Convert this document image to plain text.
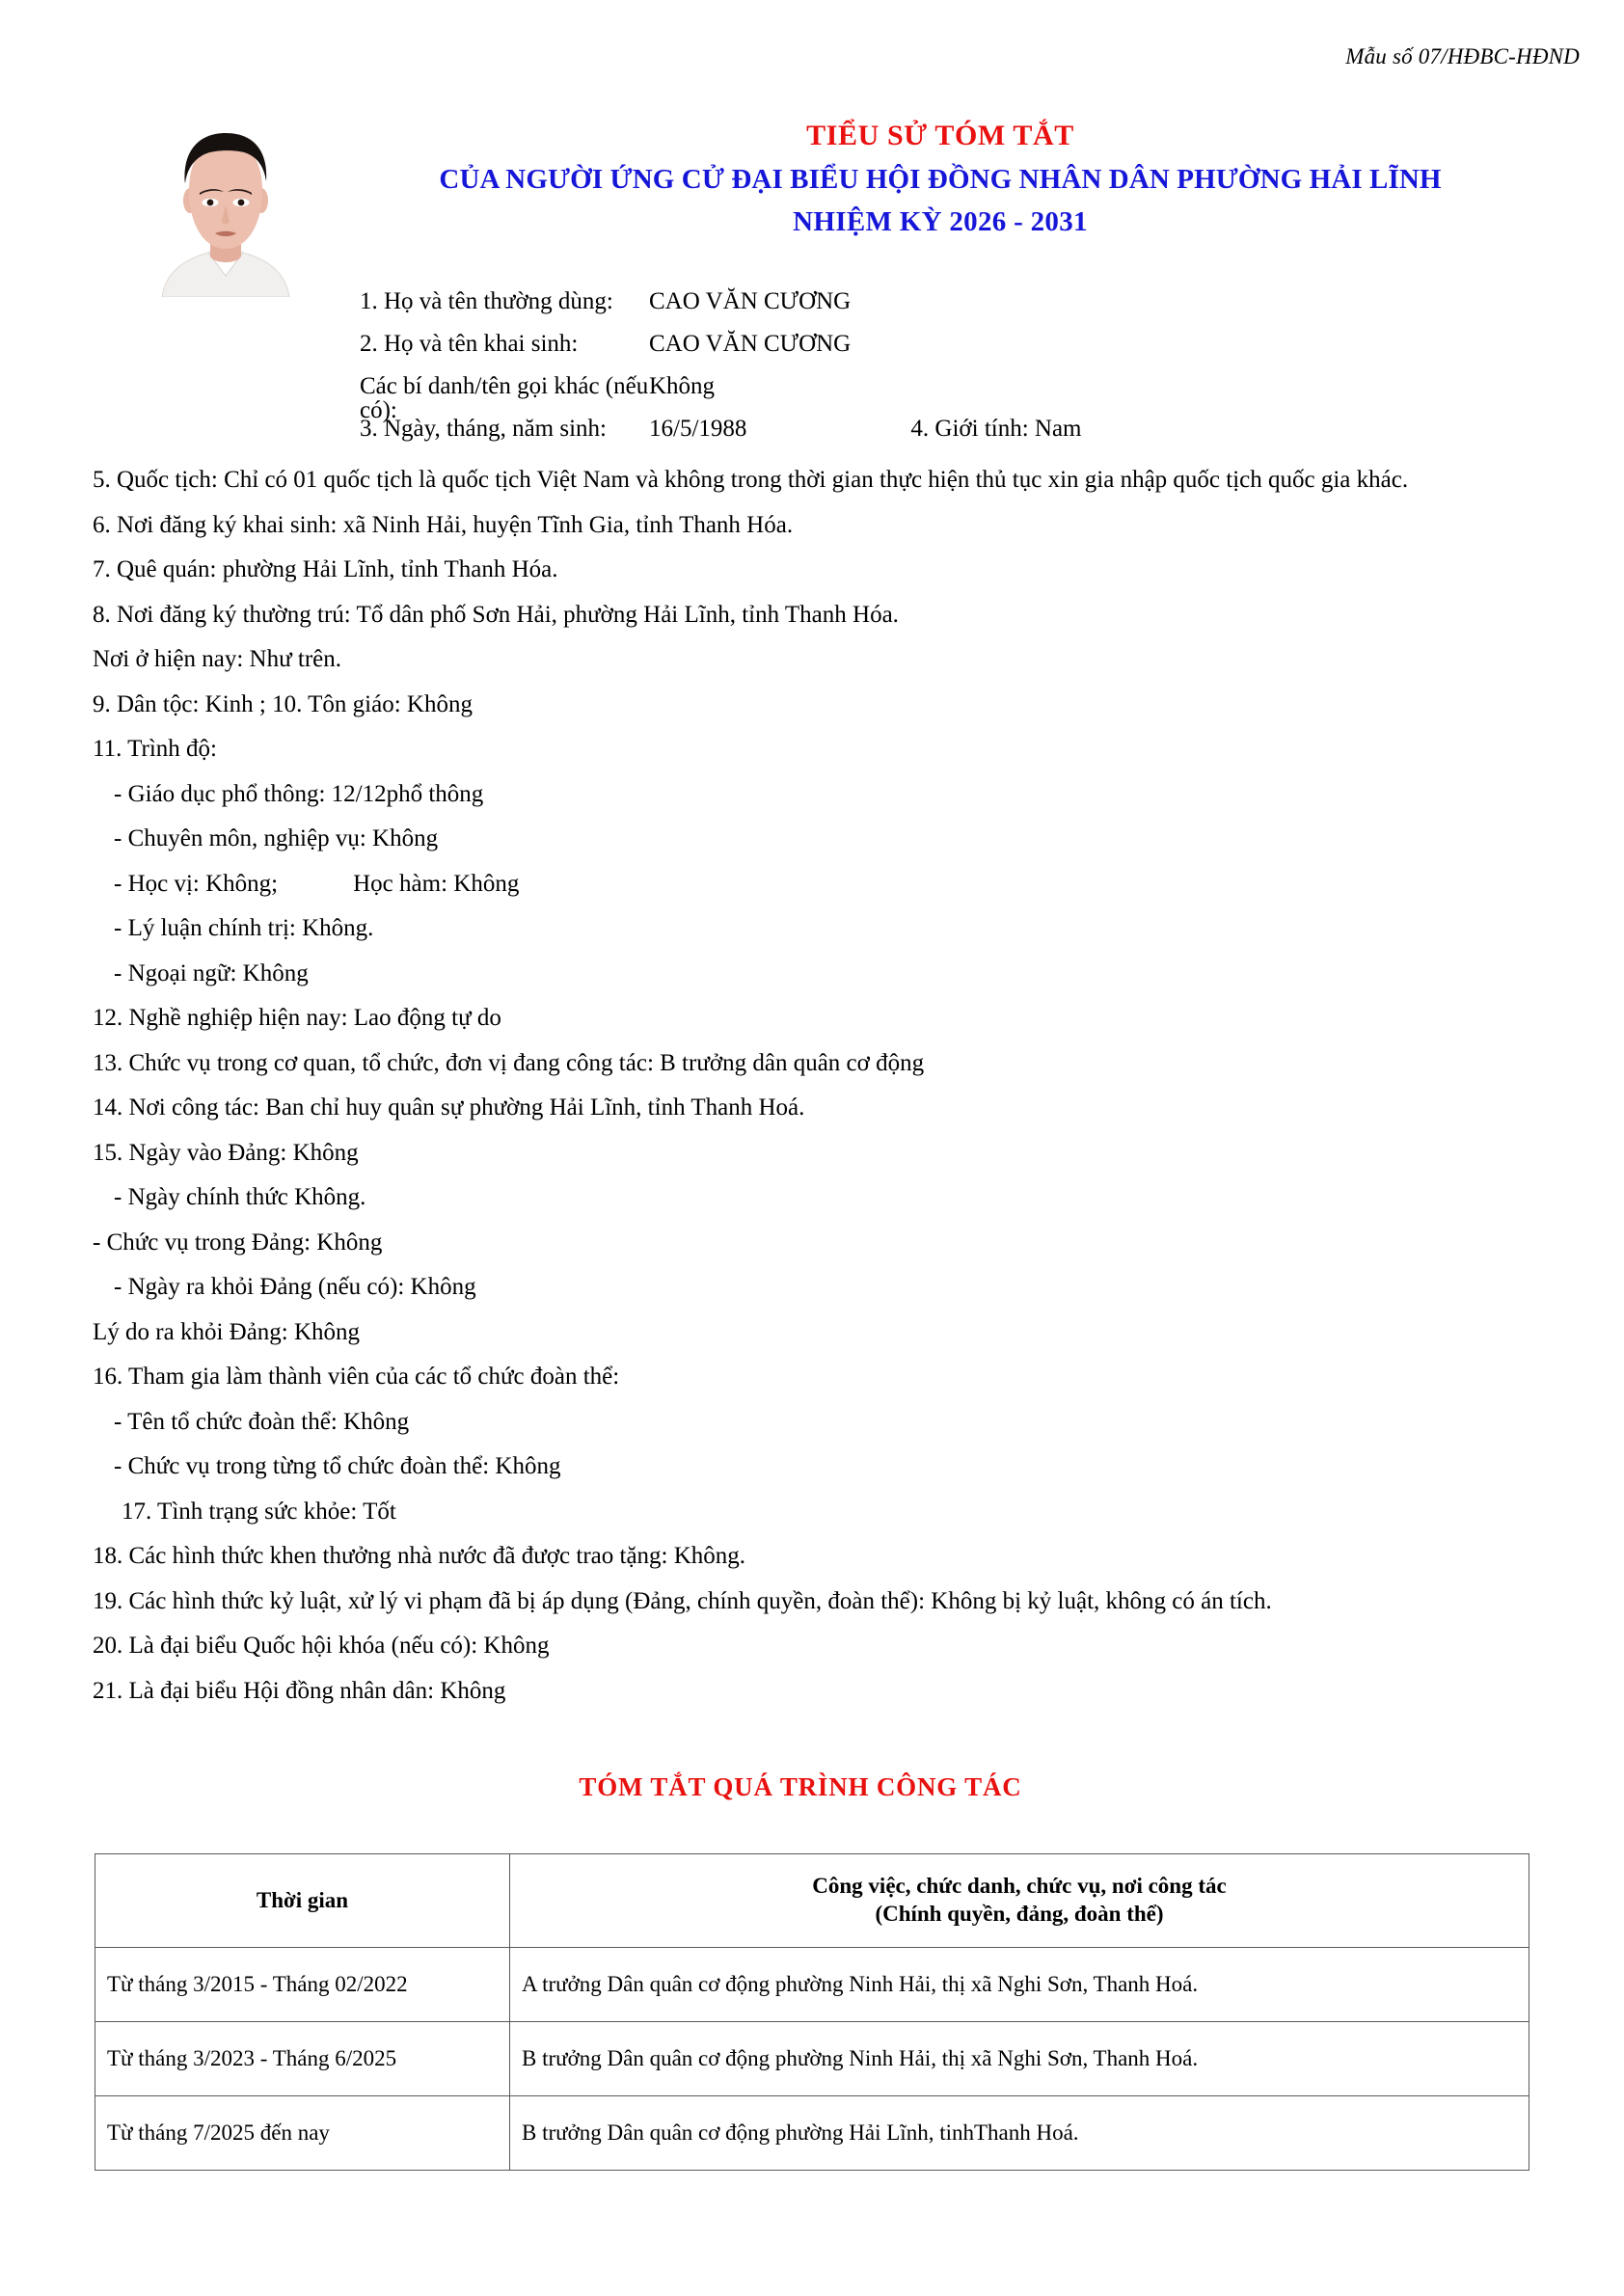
Mẫu số 07/HĐBC-HĐND
TIỂU SỬ TÓM TẮT
CỦA NGƯỜI ỨNG CỬ ĐẠI BIỂU HỘI ĐỒNG NHÂN DÂN PHƯỜNG HẢI LĨNH
NHIỆM KỲ 2026 - 2031
1. Họ và tên thường dùng:	CAO VĂN CƯƠNG
2. Họ và tên khai sinh:	CAO VĂN CƯƠNG
Các bí danh/tên gọi khác (nếu có):
Không
3. Ngày, tháng, năm sinh:	16/5/1988	4. Giới tính: Nam

5. Quốc tịch: Chỉ có 01 quốc tịch là quốc tịch Việt Nam và không trong thời gian thực hiện thủ tục xin gia nhập quốc tịch quốc gia khác.

6. Nơi đăng ký khai sinh: xã Ninh Hải, huyện Tĩnh Gia, tỉnh Thanh Hóa.

7. Quê quán: phường Hải Lĩnh, tỉnh Thanh Hóa.

8. Nơi đăng ký thường trú: Tổ dân phố Sơn Hải, phường Hải Lĩnh, tỉnh Thanh Hóa.

Nơi ở hiện nay: Như trên.

9. Dân tộc: Kinh ; 10. Tôn giáo: Không

11. Trình độ:

- Giáo dục phổ thông: 12/12phổ thông

- Chuyên môn, nghiệp vụ: Không

- Học vị: Không;	Học hàm: Không

- Lý luận chính trị: Không.

- Ngoại ngữ: Không

12. Nghề nghiệp hiện nay: Lao động tự do

13. Chức vụ trong cơ quan, tổ chức, đơn vị đang công tác: B trưởng dân quân cơ động

14. Nơi công tác: Ban chỉ huy quân sự phường Hải Lĩnh, tỉnh Thanh Hoá.

15. Ngày vào Đảng: Không

- Ngày chính thức Không.

- Chức vụ trong Đảng: Không

- Ngày ra khỏi Đảng (nếu có): Không

Lý do ra khỏi Đảng: Không

16. Tham gia làm thành viên của các tổ chức đoàn thể:

- Tên tổ chức đoàn thể: Không

- Chức vụ trong từng tổ chức đoàn thể: Không

17. Tình trạng sức khỏe: Tốt

18. Các hình thức khen thưởng nhà nước đã được trao tặng: Không.

19. Các hình thức kỷ luật, xử lý vi phạm đã bị áp dụng (Đảng, chính quyền, đoàn thể): Không bị kỷ luật, không có án tích.

20. Là đại biểu Quốc hội khóa (nếu có): Không

21. Là đại biểu Hội đồng nhân dân: Không

TÓM TẮT QUÁ TRÌNH CÔNG TÁC
Thời gian	Công việc, chức danh, chức vụ, nơi công tác
(Chính quyền, đảng, đoàn thể)

Từ tháng 3/2015 - Tháng 02/2022	A trưởng Dân quân cơ động phường Ninh Hải, thị xã Nghi Sơn, Thanh Hoá.
Từ tháng 3/2023 - Tháng 6/2025	B trưởng Dân quân cơ động phường Ninh Hải, thị xã Nghi Sơn, Thanh Hoá.
Từ tháng 7/2025 đến nay	B trưởng Dân quân cơ động phường Hải Lĩnh, tinhThanh Hoá.
